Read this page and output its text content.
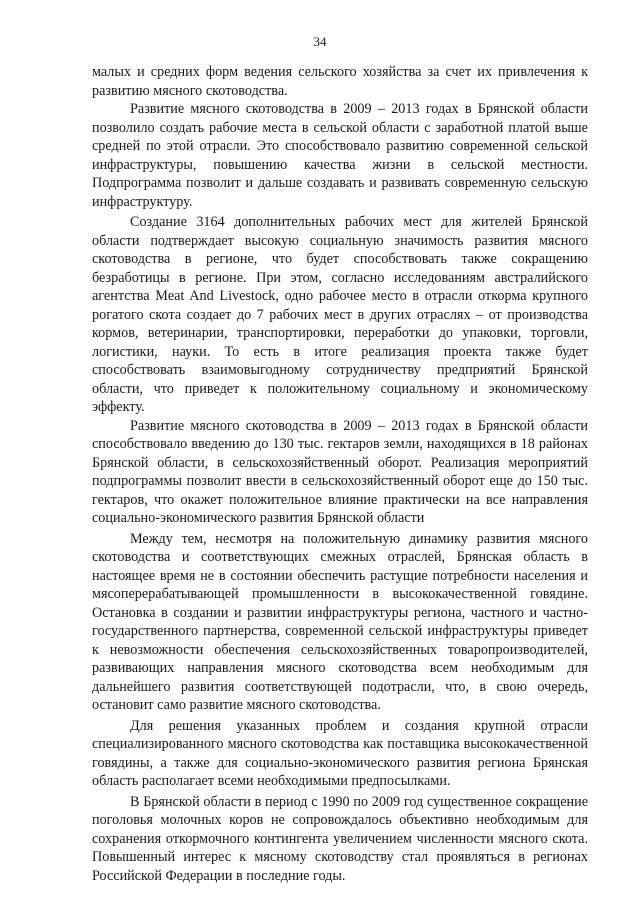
34

малых и средних форм ведения сельского хозяйства за счет их привлечения к развитию мясного скотоводства.

Развитие мясного скотоводства в 2009 – 2013 годах в Брянской области позволило создать рабочие места в сельской области с заработной платой выше средней по этой отрасли. Это способствовало развитию современной сельской инфраструктуры, повышению качества жизни в сельской местности. Подпрограмма позволит и дальше создавать и развивать современную сельскую инфраструктуру.

Создание 3164 дополнительных рабочих мест для жителей Брянской области подтверждает высокую социальную значимость развития мясного скотоводства в регионе, что будет способствовать также сокращению безработицы в регионе. При этом, согласно исследованиям австралийского агентства Meat And Livestock, одно рабочее место в отрасли откорма крупного рогатого скота создает до 7 рабочих мест в других отраслях – от производства кормов, ветеринарии, транспортировки, переработки до упаковки, торговли, логистики, науки. То есть в итоге реализация проекта также будет способствовать взаимовыгодному сотрудничеству предприятий Брянской области, что приведет к положительному социальному и экономическому эффекту.

Развитие мясного скотоводства в 2009 – 2013 годах в Брянской области способствовало введению до 130 тыс. гектаров земли, находящихся в 18 районах Брянской области, в сельскохозяйственный оборот. Реализация мероприятий подпрограммы позволит ввести в сельскохозяйственный оборот еще до 150 тыс. гектаров, что окажет положительное влияние практически на все направления социально-экономического развития Брянской области

Между тем, несмотря на положительную динамику развития мясного скотоводства и соответствующих смежных отраслей, Брянская область в настоящее время не в состоянии обеспечить растущие потребности населения и мясоперерабатывающей промышленности в высококачественной говядине. Остановка в создании и развитии инфраструктуры региона, частного и частно-государственного партнерства, современной сельской инфраструктуры приведет к невозможности обеспечения сельскохозяйственных товаропроизводителей, развивающих направления мясного скотоводства всем необходимым для дальнейшего развития соответствующей подотрасли, что, в свою очередь, остановит само развитие мясного скотоводства.

Для решения указанных проблем и создания крупной отрасли специализированного мясного скотоводства как поставщика высококачественной говядины, а также для социально-экономического развития региона Брянская область располагает всеми необходимыми предпосылками.

В Брянской области в период с 1990 по 2009 год существенное сокращение поголовья молочных коров не сопровождалось объективно необходимым для сохранения откормочного контингента увеличением численности мясного скота. Повышенный интерес к мясному скотоводству стал проявляться в регионах Российской Федерации в последние годы.
